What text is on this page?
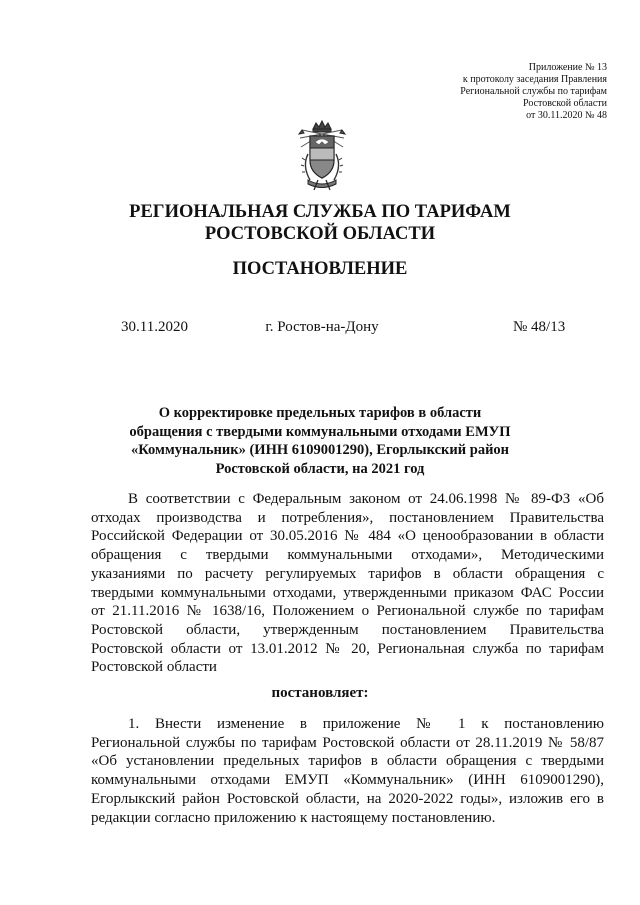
Приложение № 13
к протоколу заседания Правления
Региональной службы по тарифам
Ростовской области
от 30.11.2020 № 48
РЕГИОНАЛЬНАЯ СЛУЖБА ПО ТАРИФАМ
РОСТОВСКОЙ ОБЛАСТИ
ПОСТАНОВЛЕНИЕ
30.11.2020	г. Ростов-на-Дону	№ 48/13
О корректировке предельных тарифов в области
обращения с твердыми коммунальными отходами ЕМУП
«Коммунальник» (ИНН 6109001290), Егорлыкский район
Ростовской области, на 2021 год
В соответствии с Федеральным законом от 24.06.1998 № 89-ФЗ «Об
отходах производства и потребления», постановлением Правительства
Российской Федерации от 30.05.2016 № 484 «О ценообразовании в области
обращения с твердыми коммунальными отходами», Методическими
указаниями по расчету регулируемых тарифов в области обращения с
твердыми коммунальными отходами, утвержденными приказом ФАС России
от 21.11.2016 № 1638/16, Положением о Региональной службе по тарифам
Ростовской области, утвержденным постановлением Правительства
Ростовской области от 13.01.2012 № 20, Региональная служба по тарифам
Ростовской области
постановляет:
1. Внести изменение в приложение № 1 к постановлению
Региональной службы по тарифам Ростовской области от 28.11.2019 № 58/87
«Об установлении предельных тарифов в области обращения с твердыми
коммунальными отходами ЕМУП «Коммунальник» (ИНН 6109001290),
Егорлыкский район Ростовской области, на 2020-2022 годы», изложив его в
редакции согласно приложению к настоящему постановлению.
